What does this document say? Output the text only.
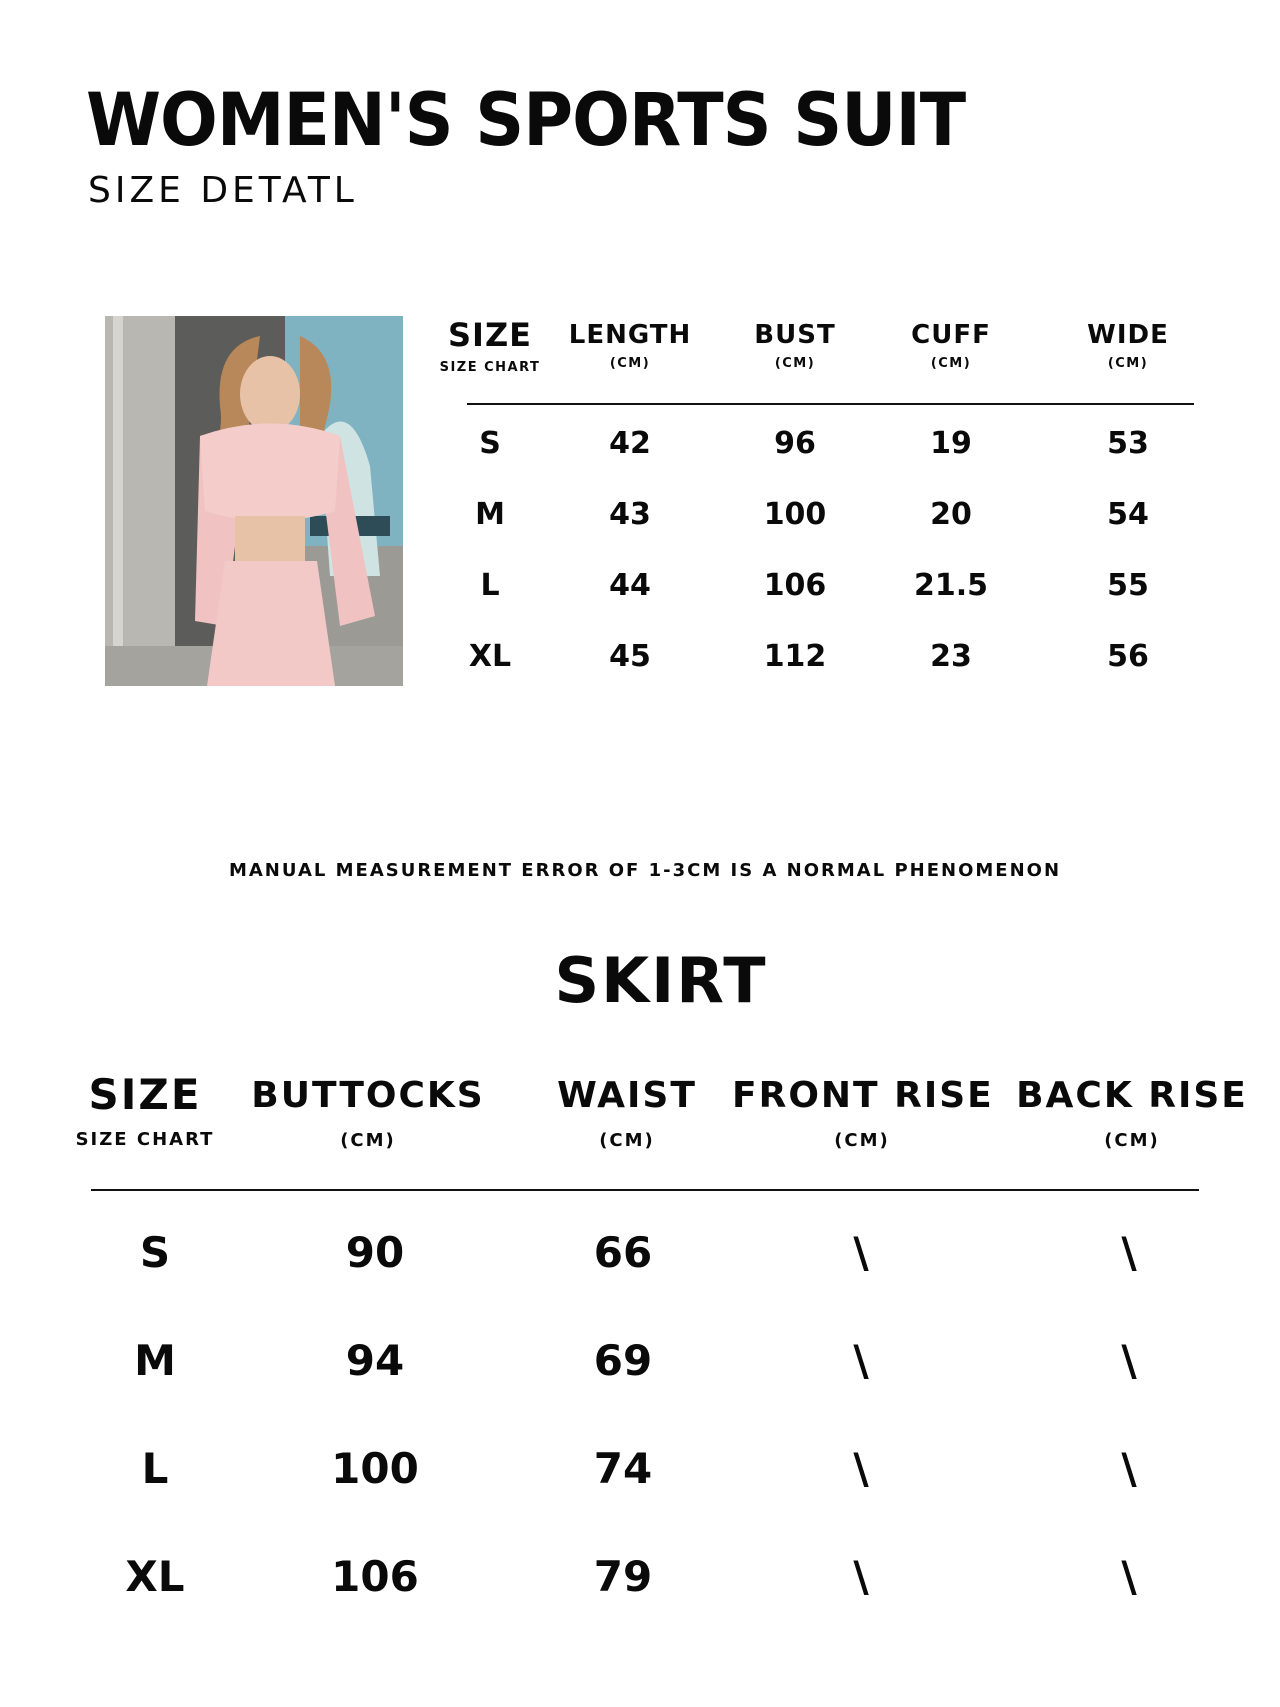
WOMEN'S SPORTS SUIT
SIZE DETATL
SIZE
SIZE CHART
LENGTH
(CM)
BUST
(CM)
CUFF
(CM)
WIDE
(CM)
S	42	96	19	53
M	43	100	20	54
L	44	106	21.5	55
XL	45	112	23	56
MANUAL MEASUREMENT ERROR OF 1-3CM IS A NORMAL PHENOMENON
SKIRT
SIZE
SIZE CHART
BUTTOCKS
(CM)
WAIST
(CM)
FRONT RISE
(CM)
BACK RISE
(CM)
S	90	66	\	\
M	94	69	\	\
L	100	74	\	\
XL	106	79	\	\
